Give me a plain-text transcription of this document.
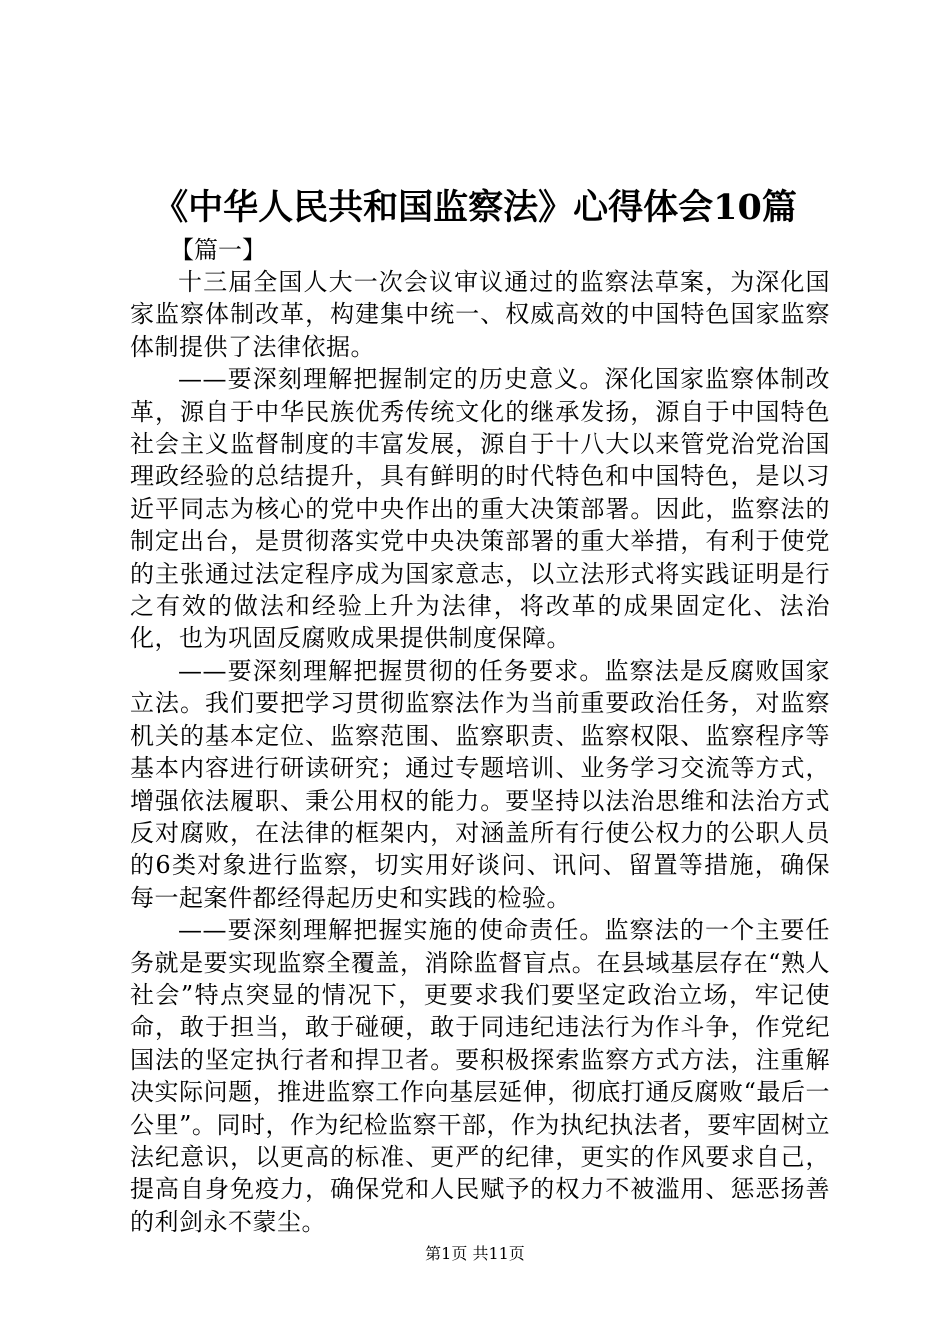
《中华人民共和国监察法》心得体会10篇

【篇一】

十三届全国人大一次会议审议通过的监察法草案，为深化国家监察体制改革，构建集中统一、权威高效的中国特色国家监察体制提供了法律依据。

——要深刻理解把握制定的历史意义。深化国家监察体制改革，源自于中华民族优秀传统文化的继承发扬，源自于中国特色社会主义监督制度的丰富发展，源自于十八大以来管党治党治国理政经验的总结提升，具有鲜明的时代特色和中国特色，是以习近平同志为核心的党中央作出的重大决策部署。因此，监察法的制定出台，是贯彻落实党中央决策部署的重大举措，有利于使党的主张通过法定程序成为国家意志，以立法形式将实践证明是行之有效的做法和经验上升为法律，将改革的成果固定化、法治化，也为巩固反腐败成果提供制度保障。

——要深刻理解把握贯彻的任务要求。监察法是反腐败国家立法。我们要把学习贯彻监察法作为当前重要政治任务，对监察机关的基本定位、监察范围、监察职责、监察权限、监察程序等基本内容进行研读研究；通过专题培训、业务学习交流等方式，增强依法履职、秉公用权的能力。要坚持以法治思维和法治方式反对腐败，在法律的框架内，对涵盖所有行使公权力的公职人员的6类对象进行监察，切实用好谈问、讯问、留置等措施，确保每一起案件都经得起历史和实践的检验。

——要深刻理解把握实施的使命责任。监察法的一个主要任务就是要实现监察全覆盖，消除监督盲点。在县域基层存在“熟人社会”特点突显的情况下，更要求我们要坚定政治立场，牢记使命，敢于担当，敢于碰硬，敢于同违纪违法行为作斗争，作党纪国法的坚定执行者和捍卫者。要积极探索监察方式方法，注重解决实际问题，推进监察工作向基层延伸，彻底打通反腐败“最后一公里”。同时，作为纪检监察干部，作为执纪执法者，要牢固树立法纪意识，以更高的标准、更严的纪律，更实的作风要求自己，提高自身免疫力，确保党和人民赋予的权力不被滥用、惩恶扬善的利剑永不蒙尘。

第1页 共11页
